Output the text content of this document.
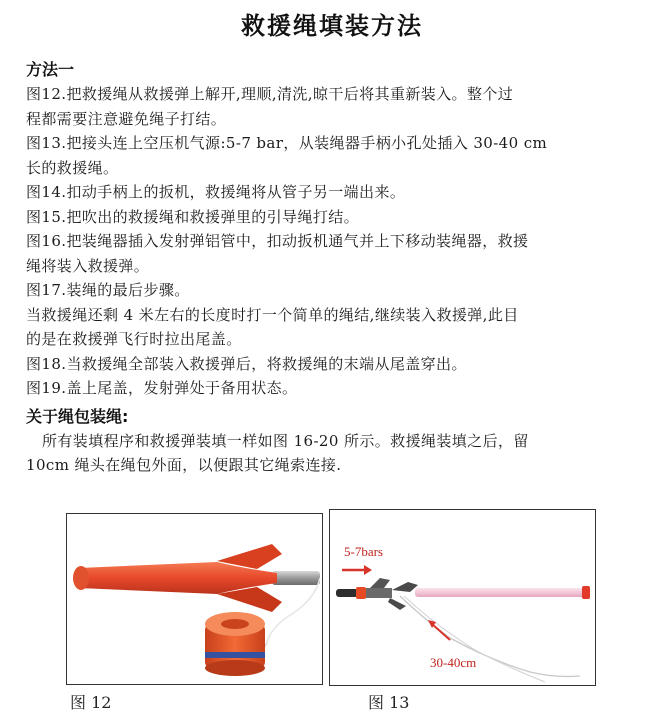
救援绳填装方法
方法一
图12.把救援绳从救援弹上解开,理顺,清洗,晾干后将其重新装入。整个过
程都需要注意避免绳子打结。
图13.把接头连上空压机气源:5-7 bar，从装绳器手柄小孔处插入 30-40 cm
长的救援绳。
图14.扣动手柄上的扳机，救援绳将从管子另一端出来。
图15.把吹出的救援绳和救援弹里的引导绳打结。
图16.把装绳器插入发射弹铝管中，扣动扳机通气并上下移动装绳器，救援
绳将装入救援弹。
图17.装绳的最后步骤。
当救援绳还剩 4 米左右的长度时打一个简单的绳结,继续装入救援弹,此目
的是在救援弹飞行时拉出尾盖。
图18.当救援绳全部装入救援弹后，将救援绳的末端从尾盖穿出。
图19.盖上尾盖，发射弹处于备用状态。
关于绳包装绳:
所有装填程序和救援弹装填一样如图 16-20 所示。救援绳装填之后，留
10cm 绳头在绳包外面，以便跟其它绳索连接.
图 12
5-7bars
30-40cm
图 13
